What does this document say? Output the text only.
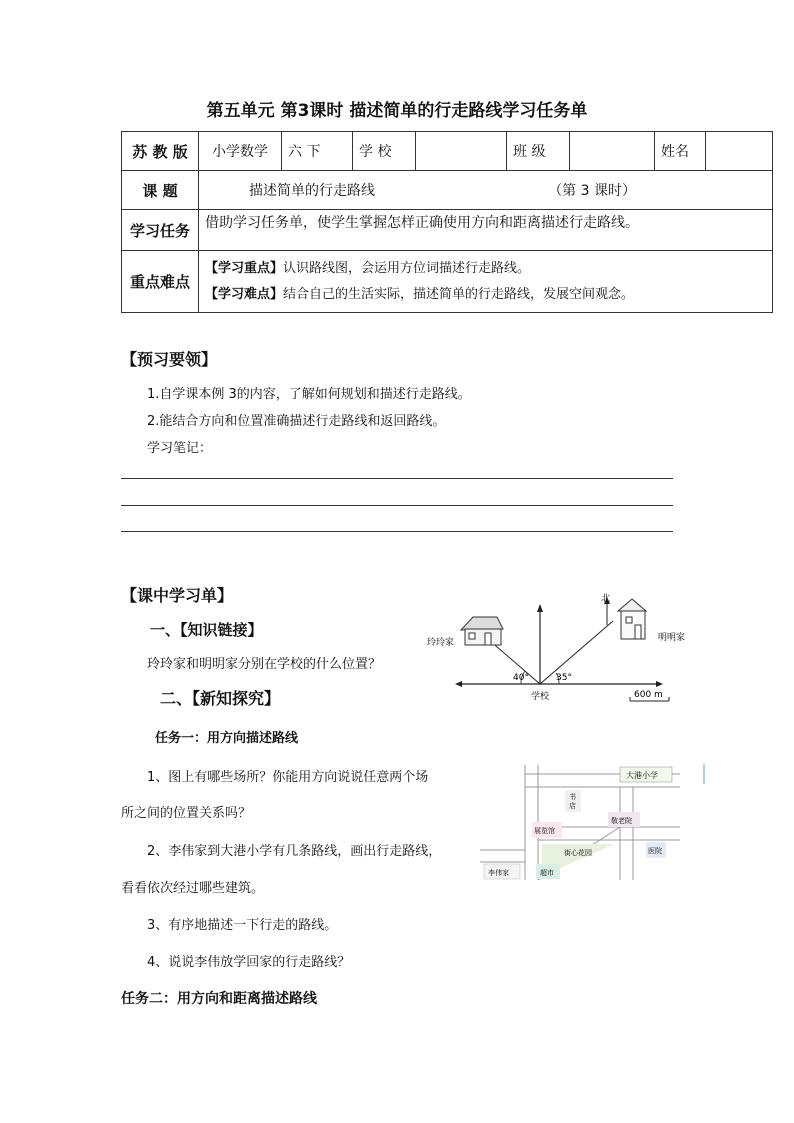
第五单元 第3课时 描述简单的行走路线学习任务单
苏 教 版	小学数学	六 下	学 校		班 级		姓名	
课 题	描述简单的行走路线 （第 3 课时）							

学习任务	借助学习任务单，使学生掌握怎样正确使用方向和距离描述行走路线。							
重点难点	【学习重点】认识路线图，会运用方位词描述行走路线。
【学习难点】结合自己的生活实际，描述简单的行走路线，发展空间观念。							
【预习要领】
1.自学课本例 3的内容，了解如何规划和描述行走路线。
2.能结合方向和位置准确描述行走路线和返回路线。
学习笔记：
【课中学习单】
一、【知识链接】
玲玲家和明明家分别在学校的什么位置？
二、【新知探究】
任务一：用方向描述路线
1、图上有哪些场所？你能用方向说说任意两个场
所之间的位置关系吗？
2、李伟家到大港小学有几条路线，画出行走路线，
看看依次经过哪些建筑。
3、有序地描述一下行走的路线。
4、说说李伟放学回家的行走路线？
任务二：用方向和距离描述路线
北
玲玲家	明明家
40°	35°
学校	600 m
大港小学
书
店
敬老院
展览馆
街心花园	医院
李伟家	超市
